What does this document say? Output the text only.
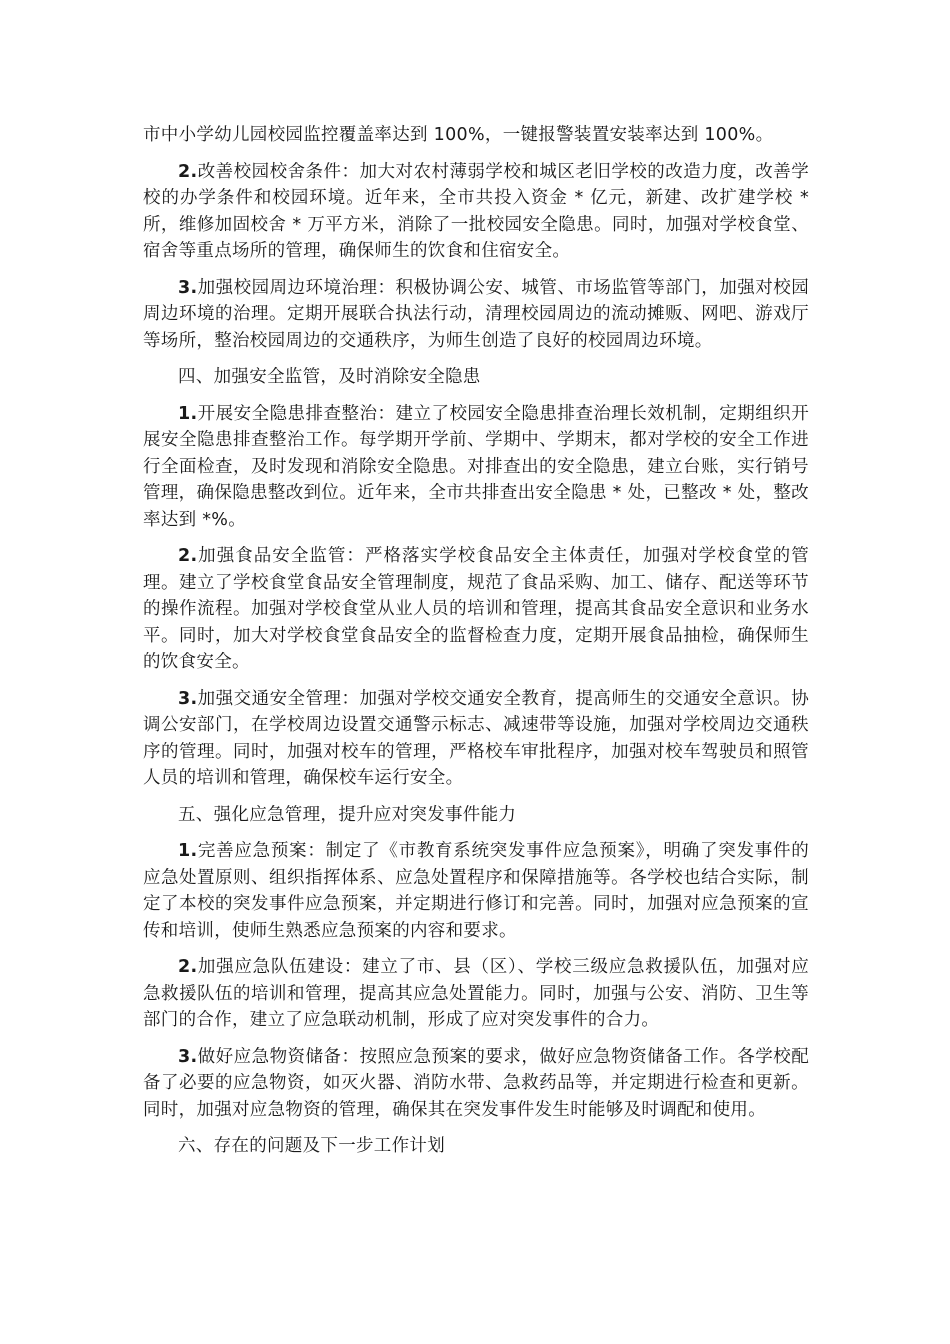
市中小学幼儿园校园监控覆盖率达到 100%，一键报警装置安装率达到 100%。

2.改善校园校舍条件：加大对农村薄弱学校和城区老旧学校的改造力度，改善学校的办学条件和校园环境。近年来，全市共投入资金 * 亿元，新建、改扩建学校 * 所，维修加固校舍 * 万平方米，消除了一批校园安全隐患。同时，加强对学校食堂、宿舍等重点场所的管理，确保师生的饮食和住宿安全。

3.加强校园周边环境治理：积极协调公安、城管、市场监管等部门，加强对校园周边环境的治理。定期开展联合执法行动，清理校园周边的流动摊贩、网吧、游戏厅等场所，整治校园周边的交通秩序，为师生创造了良好的校园周边环境。

四、加强安全监管，及时消除安全隐患

1.开展安全隐患排查整治：建立了校园安全隐患排查治理长效机制，定期组织开展安全隐患排查整治工作。每学期开学前、学期中、学期末，都对学校的安全工作进行全面检查，及时发现和消除安全隐患。对排查出的安全隐患，建立台账，实行销号管理，确保隐患整改到位。近年来，全市共排查出安全隐患 * 处，已整改 * 处，整改率达到 *%。

2.加强食品安全监管：严格落实学校食品安全主体责任，加强对学校食堂的管理。建立了学校食堂食品安全管理制度，规范了食品采购、加工、储存、配送等环节的操作流程。加强对学校食堂从业人员的培训和管理，提高其食品安全意识和业务水平。同时，加大对学校食堂食品安全的监督检查力度，定期开展食品抽检，确保师生的饮食安全。

3.加强交通安全管理：加强对学校交通安全教育，提高师生的交通安全意识。协调公安部门，在学校周边设置交通警示标志、减速带等设施，加强对学校周边交通秩序的管理。同时，加强对校车的管理，严格校车审批程序，加强对校车驾驶员和照管人员的培训和管理，确保校车运行安全。

五、强化应急管理，提升应对突发事件能力

1.完善应急预案：制定了《市教育系统突发事件应急预案》，明确了突发事件的应急处置原则、组织指挥体系、应急处置程序和保障措施等。各学校也结合实际，制定了本校的突发事件应急预案，并定期进行修订和完善。同时，加强对应急预案的宣传和培训，使师生熟悉应急预案的内容和要求。

2.加强应急队伍建设：建立了市、县（区）、学校三级应急救援队伍，加强对应急救援队伍的培训和管理，提高其应急处置能力。同时，加强与公安、消防、卫生等部门的合作，建立了应急联动机制，形成了应对突发事件的合力。

3.做好应急物资储备：按照应急预案的要求，做好应急物资储备工作。各学校配备了必要的应急物资，如灭火器、消防水带、急救药品等，并定期进行检查和更新。同时，加强对应急物资的管理，确保其在突发事件发生时能够及时调配和使用。

六、存在的问题及下一步工作计划
